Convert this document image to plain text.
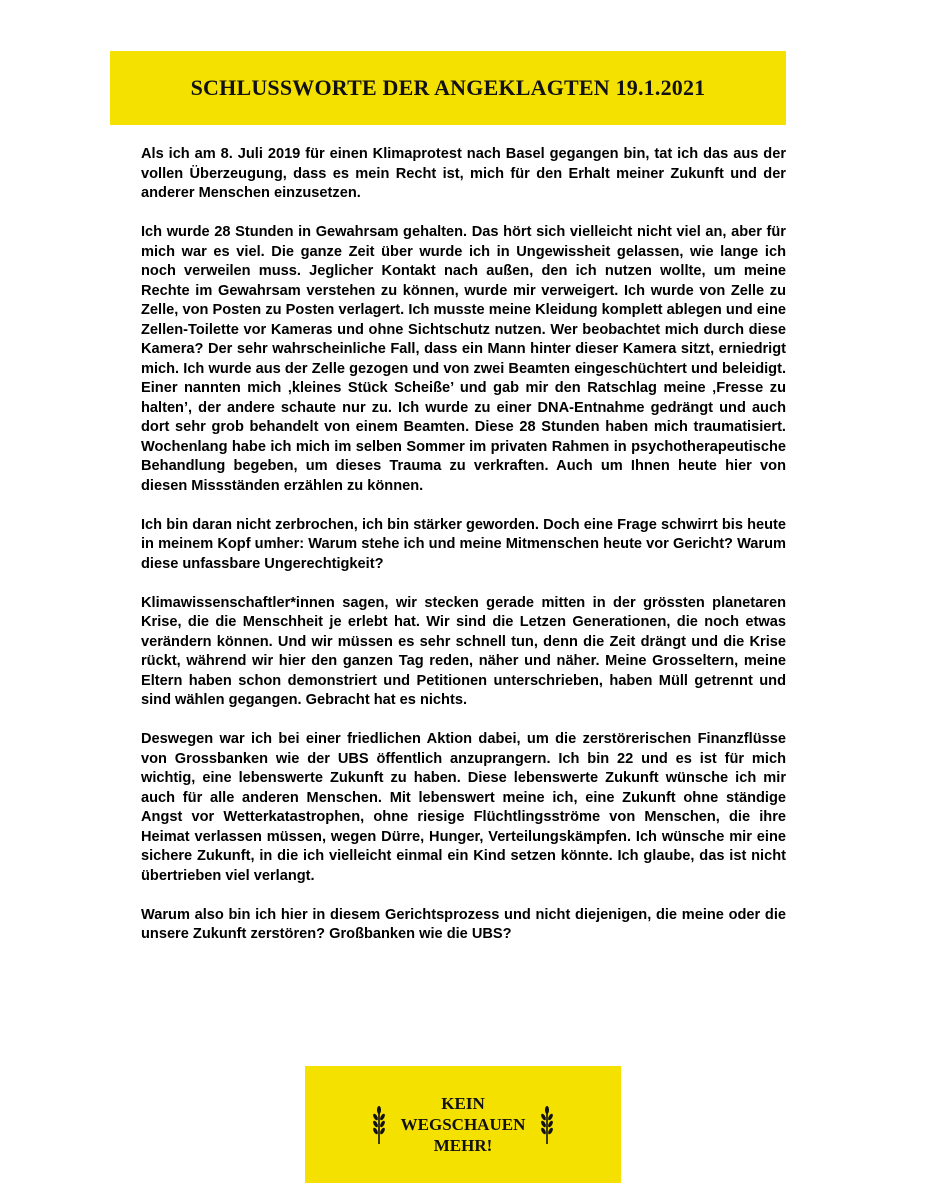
SCHLUSSWORTE DER ANGEKLAGTEN 19.1.2021

Als ich am 8. Juli 2019 für einen Klimaprotest nach Basel gegangen bin, tat ich das aus der vollen Überzeugung, dass es mein Recht ist, mich für den Erhalt meiner Zukunft und der anderer Menschen einzusetzen.

Ich wurde 28 Stunden in Gewahrsam gehalten. Das hört sich vielleicht nicht viel an, aber für mich war es viel. Die ganze Zeit über wurde ich in Ungewissheit gelassen, wie lange ich noch verweilen muss. Jeglicher Kontakt nach außen, den ich nutzen wollte, um meine Rechte im Gewahrsam verstehen zu können, wurde mir verweigert. Ich wurde von Zelle zu Zelle, von Posten zu Posten verlagert. Ich musste meine Kleidung komplett ablegen und eine Zellen-Toilette vor Kameras und ohne Sichtschutz nutzen. Wer beobachtet mich durch diese Kamera? Der sehr wahrscheinliche Fall, dass ein Mann hinter dieser Kamera sitzt, erniedrigt mich. Ich wurde aus der Zelle gezogen und von zwei Beamten eingeschüchtert und beleidigt. Einer nannten mich ‚kleines Stück Scheiße’ und gab mir den Ratschlag meine ‚Fresse zu halten’, der andere schaute nur zu. Ich wurde zu einer DNA-Entnahme gedrängt und auch dort sehr grob behandelt von einem Beamten. Diese 28 Stunden haben mich traumatisiert. Wochenlang habe ich mich im selben Sommer im privaten Rahmen in psychotherapeutische Behandlung begeben, um dieses Trauma zu verkraften. Auch um Ihnen heute hier von diesen Missständen erzählen zu können.

Ich bin daran nicht zerbrochen, ich bin stärker geworden. Doch eine Frage schwirrt bis heute in meinem Kopf umher: Warum stehe ich und meine Mitmenschen heute vor Gericht? Warum diese unfassbare Ungerechtigkeit?

Klimawissenschaftler*innen sagen, wir stecken gerade mitten in der grössten planetaren Krise, die die Menschheit je erlebt hat. Wir sind die Letzen Generationen, die noch etwas verändern können. Und wir müssen es sehr schnell tun, denn die Zeit drängt und die Krise rückt, während wir hier den ganzen Tag reden, näher und näher. Meine Grosseltern, meine Eltern haben schon demonstriert und Petitionen unterschrieben, haben Müll getrennt und sind wählen gegangen. Gebracht hat es nichts.

Deswegen war ich bei einer friedlichen Aktion dabei, um die zerstörerischen Finanzflüsse von Grossbanken wie der UBS öffentlich anzuprangern. Ich bin 22 und es ist für mich wichtig, eine lebenswerte Zukunft zu haben. Diese lebenswerte Zukunft wünsche ich mir auch für alle anderen Menschen. Mit lebenswert meine ich, eine Zukunft ohne ständige Angst vor Wetterkatastrophen, ohne riesige Flüchtlingsströme von Menschen, die ihre Heimat verlassen müssen, wegen Dürre, Hunger, Verteilungskämpfen. Ich wünsche mir eine sichere Zukunft, in die ich vielleicht einmal ein Kind setzen könnte. Ich glaube, das ist nicht übertrieben viel verlangt.

Warum also bin ich hier in diesem Gerichtsprozess und nicht diejenigen, die meine oder die unsere Zukunft zerstören? Großbanken wie die UBS?

KEIN
WEGSCHAUEN
MEHR!
